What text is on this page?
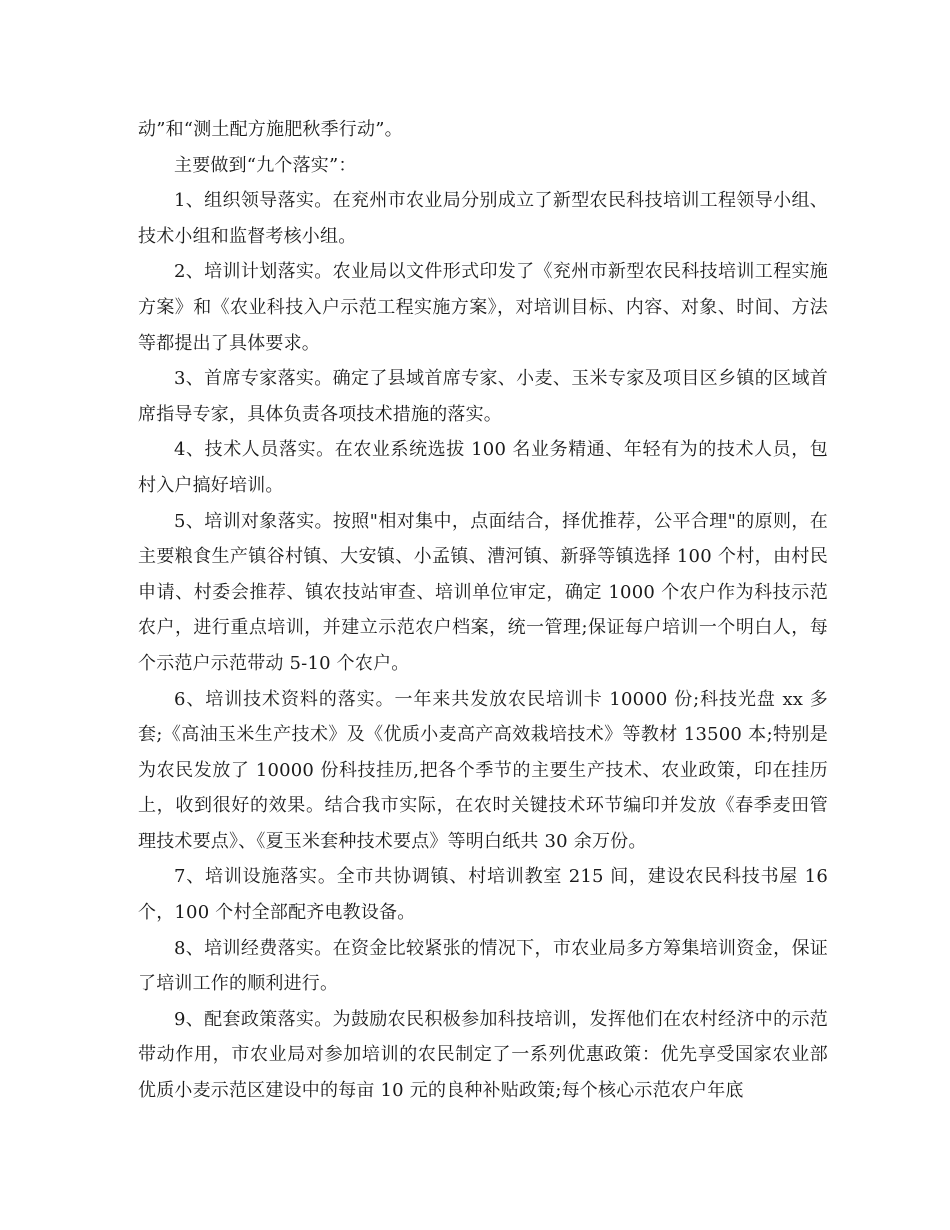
动”和“测土配方施肥秋季行动”。

主要做到“九个落实”：

1、组织领导落实。在兖州市农业局分别成立了新型农民科技培训工程领导小组、技术小组和监督考核小组。

2、培训计划落实。农业局以文件形式印发了《兖州市新型农民科技培训工程实施方案》和《农业科技入户示范工程实施方案》，对培训目标、内容、对象、时间、方法等都提出了具体要求。

3、首席专家落实。确定了县域首席专家、小麦、玉米专家及项目区乡镇的区域首席指导专家，具体负责各项技术措施的落实。

4、技术人员落实。在农业系统选拔 100 名业务精通、年轻有为的技术人员，包村入户搞好培训。

5、培训对象落实。按照"相对集中，点面结合，择优推荐，公平合理"的原则，在主要粮食生产镇谷村镇、大安镇、小孟镇、漕河镇、新驿等镇选择 100 个村，由村民申请、村委会推荐、镇农技站审查、培训单位审定，确定 1000 个农户作为科技示范农户，进行重点培训，并建立示范农户档案，统一管理;保证每户培训一个明白人，每个示范户示范带动 5-10 个农户。

6、培训技术资料的落实。一年来共发放农民培训卡 10000 份;科技光盘 xx 多套;《高油玉米生产技术》及《优质小麦高产高效栽培技术》等教材 13500 本;特别是为农民发放了 10000 份科技挂历,把各个季节的主要生产技术、农业政策，印在挂历上，收到很好的效果。结合我市实际，在农时关键技术环节编印并发放《春季麦田管理技术要点》、《夏玉米套种技术要点》等明白纸共 30 余万份。

7、培训设施落实。全市共协调镇、村培训教室 215 间，建设农民科技书屋 16 个，100 个村全部配齐电教设备。

8、培训经费落实。在资金比较紧张的情况下，市农业局多方筹集培训资金，保证了培训工作的顺利进行。

9、配套政策落实。为鼓励农民积极参加科技培训，发挥他们在农村经济中的示范带动作用，市农业局对参加培训的农民制定了一系列优惠政策：优先享受国家农业部优质小麦示范区建设中的每亩 10 元的良种补贴政策;每个核心示范农户年底
